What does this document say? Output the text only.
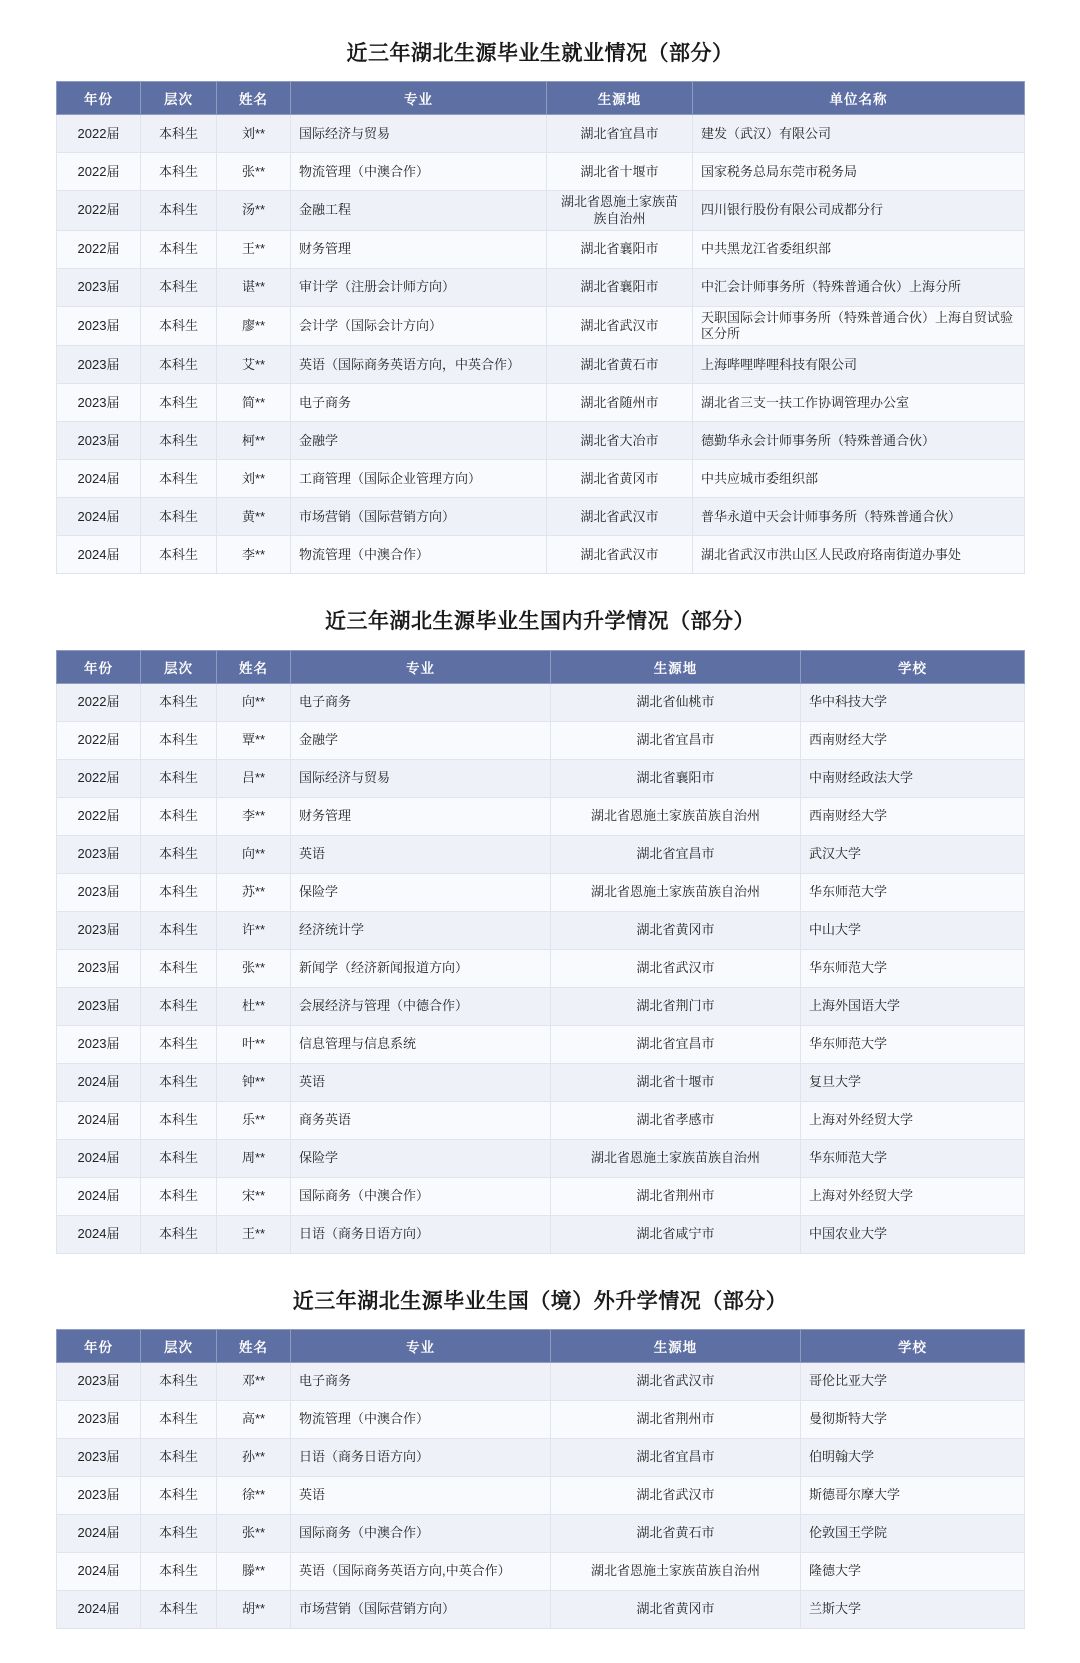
近三年湖北生源毕业生就业情况（部分）
年份	层次	姓名	专业	生源地	单位名称
2022届	本科生	刘**	国际经济与贸易	湖北省宜昌市	建发（武汉）有限公司
2022届	本科生	张**	物流管理（中澳合作）	湖北省十堰市	国家税务总局东莞市税务局
2022届	本科生	汤**	金融工程	湖北省恩施土家族苗族自治州	四川银行股份有限公司成都分行
2022届	本科生	王**	财务管理	湖北省襄阳市	中共黑龙江省委组织部
2023届	本科生	谌**	审计学（注册会计师方向）	湖北省襄阳市	中汇会计师事务所（特殊普通合伙）上海分所
2023届	本科生	廖**	会计学（国际会计方向）	湖北省武汉市	天职国际会计师事务所（特殊普通合伙）上海自贸试验区分所
2023届	本科生	艾**	英语（国际商务英语方向，中英合作）	湖北省黄石市	上海哔哩哔哩科技有限公司
2023届	本科生	简**	电子商务	湖北省随州市	湖北省三支一扶工作协调管理办公室
2023届	本科生	柯**	金融学	湖北省大冶市	德勤华永会计师事务所（特殊普通合伙）
2024届	本科生	刘**	工商管理（国际企业管理方向）	湖北省黄冈市	中共应城市委组织部
2024届	本科生	黄**	市场营销（国际营销方向）	湖北省武汉市	普华永道中天会计师事务所（特殊普通合伙）
2024届	本科生	李**	物流管理（中澳合作）	湖北省武汉市	湖北省武汉市洪山区人民政府珞南街道办事处
近三年湖北生源毕业生国内升学情况（部分）
年份	层次	姓名	专业	生源地	学校
2022届	本科生	向**	电子商务	湖北省仙桃市	华中科技大学
2022届	本科生	覃**	金融学	湖北省宜昌市	西南财经大学
2022届	本科生	吕**	国际经济与贸易	湖北省襄阳市	中南财经政法大学
2022届	本科生	李**	财务管理	湖北省恩施土家族苗族自治州	西南财经大学
2023届	本科生	向**	英语	湖北省宜昌市	武汉大学
2023届	本科生	苏**	保险学	湖北省恩施土家族苗族自治州	华东师范大学
2023届	本科生	许**	经济统计学	湖北省黄冈市	中山大学
2023届	本科生	张**	新闻学（经济新闻报道方向）	湖北省武汉市	华东师范大学
2023届	本科生	杜**	会展经济与管理（中德合作）	湖北省荆门市	上海外国语大学
2023届	本科生	叶**	信息管理与信息系统	湖北省宜昌市	华东师范大学
2024届	本科生	钟**	英语	湖北省十堰市	复旦大学
2024届	本科生	乐**	商务英语	湖北省孝感市	上海对外经贸大学
2024届	本科生	周**	保险学	湖北省恩施土家族苗族自治州	华东师范大学
2024届	本科生	宋**	国际商务（中澳合作）	湖北省荆州市	上海对外经贸大学
2024届	本科生	王**	日语（商务日语方向）	湖北省咸宁市	中国农业大学
近三年湖北生源毕业生国（境）外升学情况（部分）
年份	层次	姓名	专业	生源地	学校
2023届	本科生	邓**	电子商务	湖北省武汉市	哥伦比亚大学
2023届	本科生	高**	物流管理（中澳合作）	湖北省荆州市	曼彻斯特大学
2023届	本科生	孙**	日语（商务日语方向）	湖北省宜昌市	伯明翰大学
2023届	本科生	徐**	英语	湖北省武汉市	斯德哥尔摩大学
2024届	本科生	张**	国际商务（中澳合作）	湖北省黄石市	伦敦国王学院
2024届	本科生	滕**	英语（国际商务英语方向,中英合作）	湖北省恩施土家族苗族自治州	隆德大学
2024届	本科生	胡**	市场营销（国际营销方向）	湖北省黄冈市	兰斯大学
